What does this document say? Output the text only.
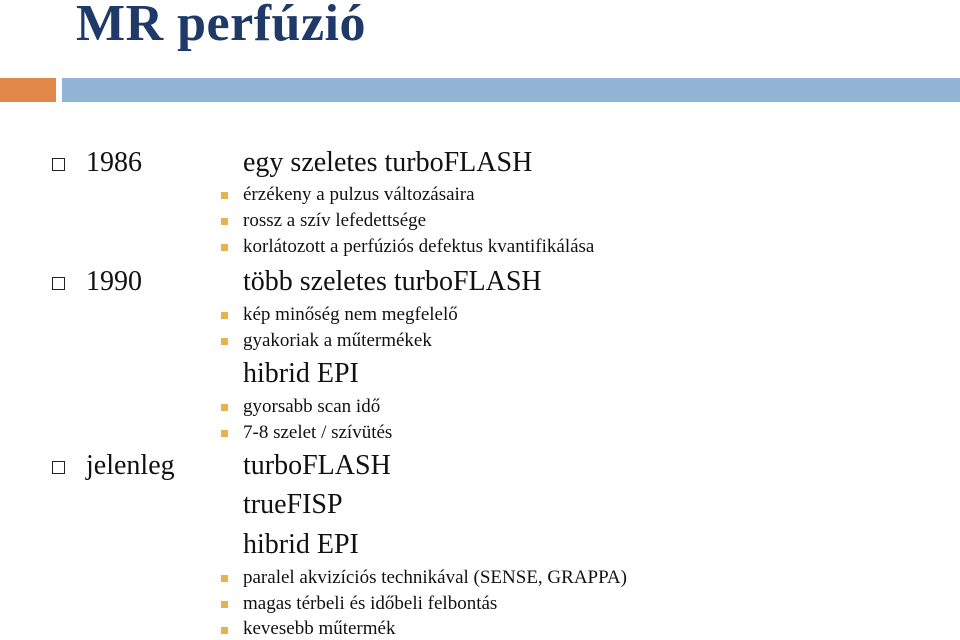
MR perfúzió
1986	egy szeletes turboFLASH
érzékeny a pulzus változásaira
rossz a szív lefedettsége
korlátozott a perfúziós defektus kvantifikálása
1990	több szeletes turboFLASH
kép minőség nem megfelelő
gyakoriak a műtermékek
hibrid EPI
gyorsabb scan idő
7-8 szelet / szívütés
jelenleg turboFLASH
trueFISP
hibrid EPI
paralel akvizíciós technikával (SENSE, GRAPPA)
magas térbeli és időbeli felbontás
kevesebb műtermék
